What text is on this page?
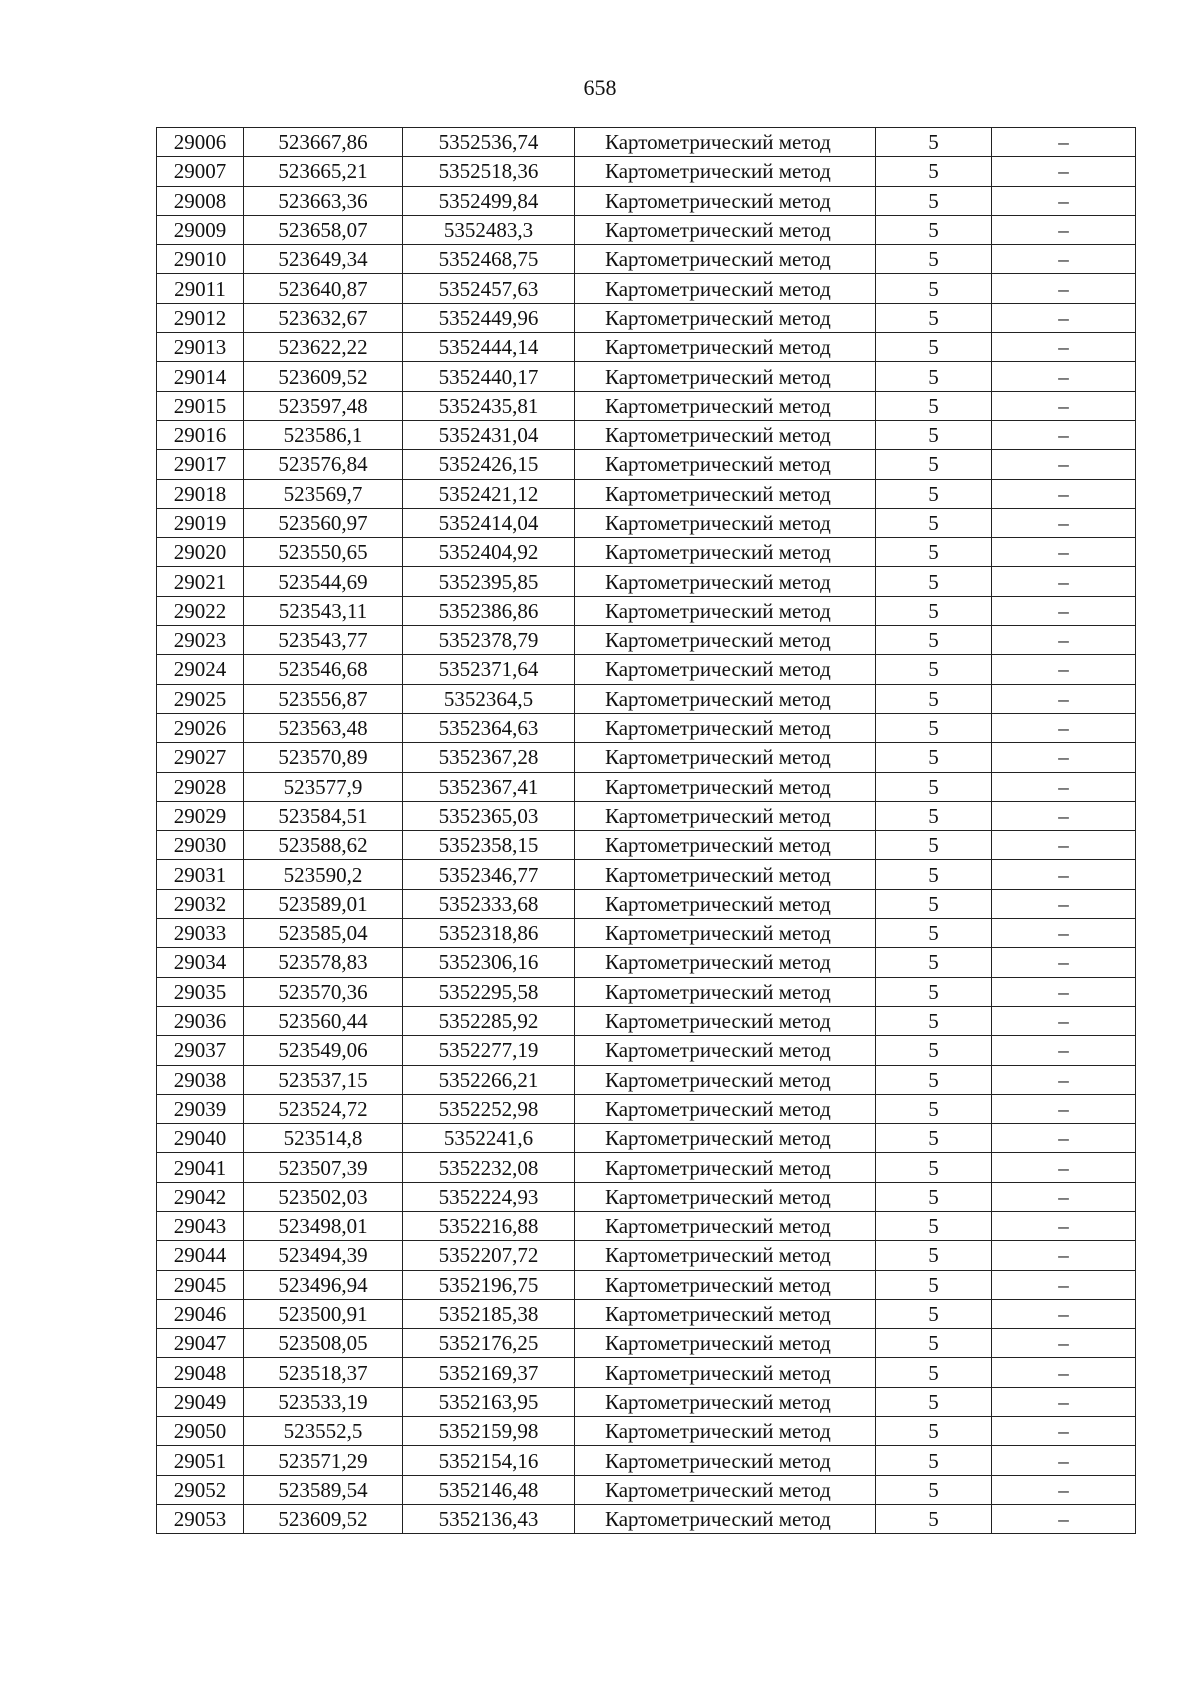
658
29006	523667,86	5352536,74	Картометрический метод	5	–
29007	523665,21	5352518,36	Картометрический метод	5	–
29008	523663,36	5352499,84	Картометрический метод	5	–
29009	523658,07	5352483,3	Картометрический метод	5	–
29010	523649,34	5352468,75	Картометрический метод	5	–
29011	523640,87	5352457,63	Картометрический метод	5	–
29012	523632,67	5352449,96	Картометрический метод	5	–
29013	523622,22	5352444,14	Картометрический метод	5	–
29014	523609,52	5352440,17	Картометрический метод	5	–
29015	523597,48	5352435,81	Картометрический метод	5	–
29016	523586,1	5352431,04	Картометрический метод	5	–
29017	523576,84	5352426,15	Картометрический метод	5	–
29018	523569,7	5352421,12	Картометрический метод	5	–
29019	523560,97	5352414,04	Картометрический метод	5	–
29020	523550,65	5352404,92	Картометрический метод	5	–
29021	523544,69	5352395,85	Картометрический метод	5	–
29022	523543,11	5352386,86	Картометрический метод	5	–
29023	523543,77	5352378,79	Картометрический метод	5	–
29024	523546,68	5352371,64	Картометрический метод	5	–
29025	523556,87	5352364,5	Картометрический метод	5	–
29026	523563,48	5352364,63	Картометрический метод	5	–
29027	523570,89	5352367,28	Картометрический метод	5	–
29028	523577,9	5352367,41	Картометрический метод	5	–
29029	523584,51	5352365,03	Картометрический метод	5	–
29030	523588,62	5352358,15	Картометрический метод	5	–
29031	523590,2	5352346,77	Картометрический метод	5	–
29032	523589,01	5352333,68	Картометрический метод	5	–
29033	523585,04	5352318,86	Картометрический метод	5	–
29034	523578,83	5352306,16	Картометрический метод	5	–
29035	523570,36	5352295,58	Картометрический метод	5	–
29036	523560,44	5352285,92	Картометрический метод	5	–
29037	523549,06	5352277,19	Картометрический метод	5	–
29038	523537,15	5352266,21	Картометрический метод	5	–
29039	523524,72	5352252,98	Картометрический метод	5	–
29040	523514,8	5352241,6	Картометрический метод	5	–
29041	523507,39	5352232,08	Картометрический метод	5	–
29042	523502,03	5352224,93	Картометрический метод	5	–
29043	523498,01	5352216,88	Картометрический метод	5	–
29044	523494,39	5352207,72	Картометрический метод	5	–
29045	523496,94	5352196,75	Картометрический метод	5	–
29046	523500,91	5352185,38	Картометрический метод	5	–
29047	523508,05	5352176,25	Картометрический метод	5	–
29048	523518,37	5352169,37	Картометрический метод	5	–
29049	523533,19	5352163,95	Картометрический метод	5	–
29050	523552,5	5352159,98	Картометрический метод	5	–
29051	523571,29	5352154,16	Картометрический метод	5	–
29052	523589,54	5352146,48	Картометрический метод	5	–
29053	523609,52	5352136,43	Картометрический метод	5	–
